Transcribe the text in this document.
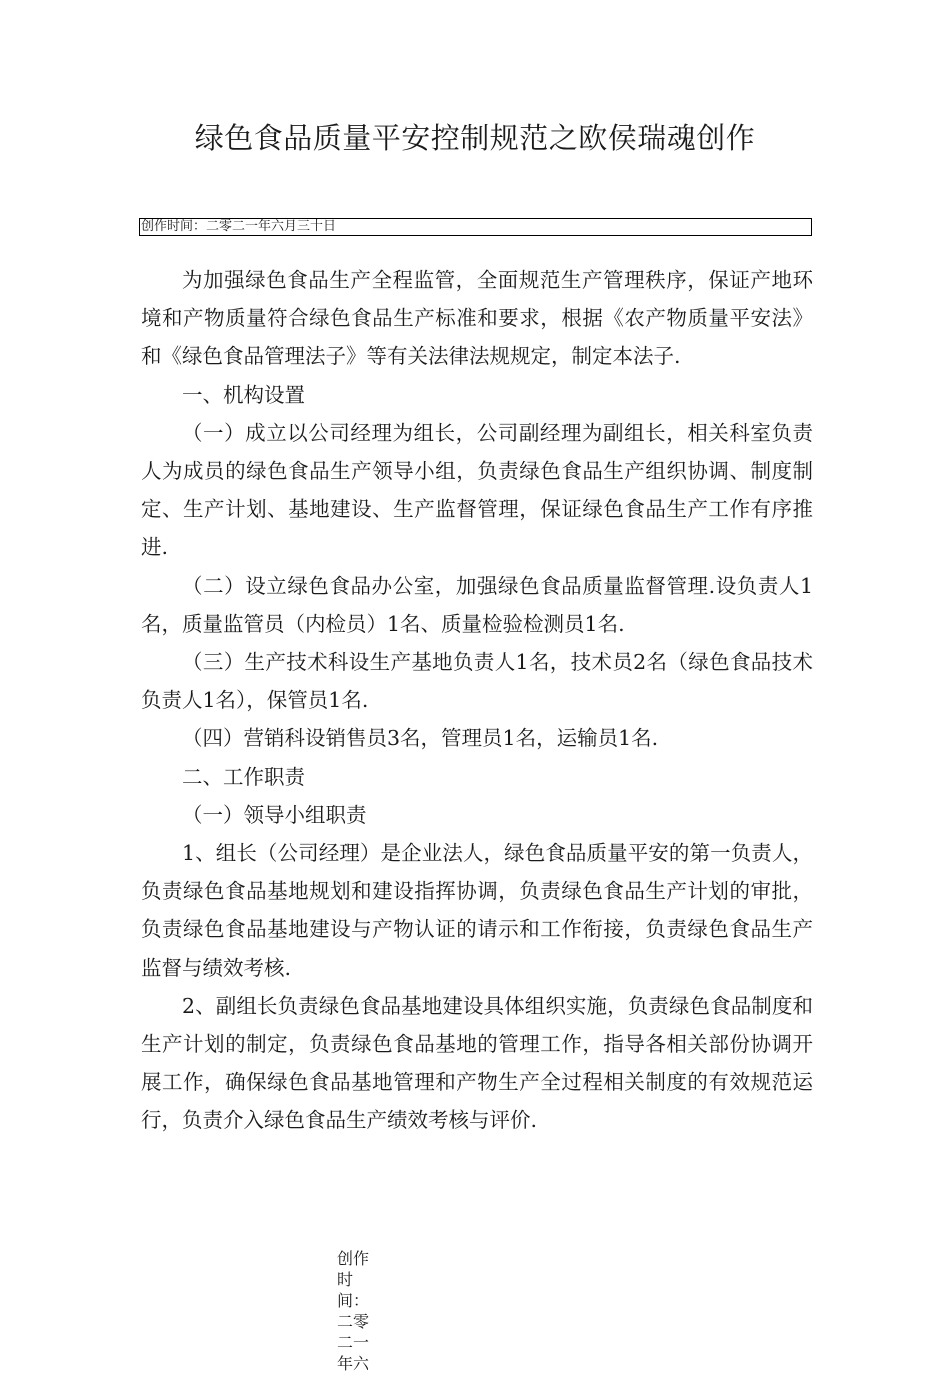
绿色食品质量平安控制规范之欧侯瑞魂创作
创作时间：二零二一年六月三十日

为加强绿色食品生产全程监管，全面规范生产管理秩序，保证产地环境和产物质量符合绿色食品生产标准和要求，根据《农产物质量平安法》和《绿色食品管理法子》等有关法律法规规定，制定本法子.

一、机构设置

（一）成立以公司经理为组长，公司副经理为副组长，相关科室负责人为成员的绿色食品生产领导小组，负责绿色食品生产组织协调、制度制定、生产计划、基地建设、生产监督管理，保证绿色食品生产工作有序推进.

（二）设立绿色食品办公室，加强绿色食品质量监督管理.设负责人1名，质量监管员（内检员）1名、质量检验检测员1名.

（三）生产技术科设生产基地负责人1名，技术员2名（绿色食品技术负责人1名），保管员1名.

（四）营销科设销售员3名，管理员1名，运输员1名.

二、工作职责

（一）领导小组职责

1、组长（公司经理）是企业法人，绿色食品质量平安的第一负责人，负责绿色食品基地规划和建设指挥协调，负责绿色食品生产计划的审批，负责绿色食品基地建设与产物认证的请示和工作衔接，负责绿色食品生产监督与绩效考核.

2、副组长负责绿色食品基地建设具体组织实施，负责绿色食品制度和生产计划的制定，负责绿色食品基地的管理工作，指导各相关部份协调开展工作，确保绿色食品基地管理和产物生产全过程相关制度的有效规范运行，负责介入绿色食品生产绩效考核与评价.

创作时间：二零二一年六
